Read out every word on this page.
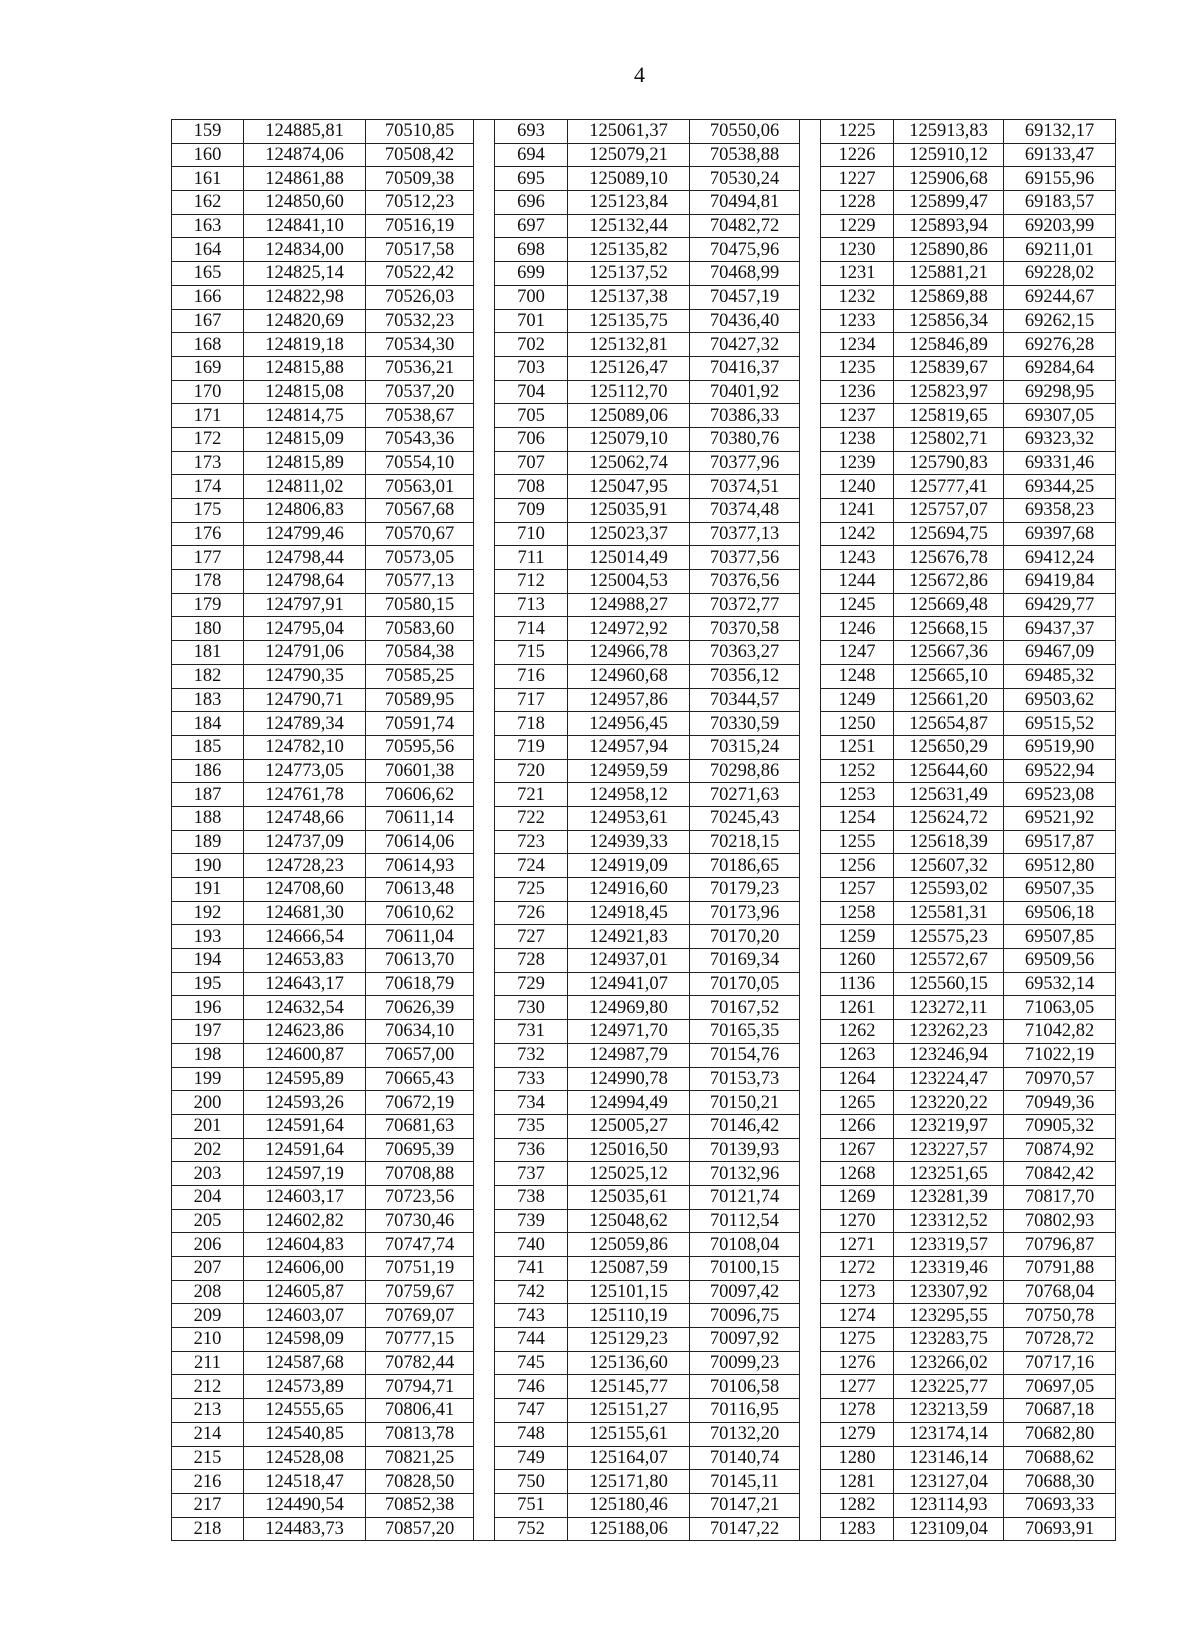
4
159	124885,81	70510,85		693	125061,37	70550,06		1225	125913,83	69132,17
160	124874,06	70508,42		694	125079,21	70538,88		1226	125910,12	69133,47
161	124861,88	70509,38		695	125089,10	70530,24		1227	125906,68	69155,96
162	124850,60	70512,23		696	125123,84	70494,81		1228	125899,47	69183,57
163	124841,10	70516,19		697	125132,44	70482,72		1229	125893,94	69203,99
164	124834,00	70517,58		698	125135,82	70475,96		1230	125890,86	69211,01
165	124825,14	70522,42		699	125137,52	70468,99		1231	125881,21	69228,02
166	124822,98	70526,03		700	125137,38	70457,19		1232	125869,88	69244,67
167	124820,69	70532,23		701	125135,75	70436,40		1233	125856,34	69262,15
168	124819,18	70534,30		702	125132,81	70427,32		1234	125846,89	69276,28
169	124815,88	70536,21		703	125126,47	70416,37		1235	125839,67	69284,64
170	124815,08	70537,20		704	125112,70	70401,92		1236	125823,97	69298,95
171	124814,75	70538,67		705	125089,06	70386,33		1237	125819,65	69307,05
172	124815,09	70543,36		706	125079,10	70380,76		1238	125802,71	69323,32
173	124815,89	70554,10		707	125062,74	70377,96		1239	125790,83	69331,46
174	124811,02	70563,01		708	125047,95	70374,51		1240	125777,41	69344,25
175	124806,83	70567,68		709	125035,91	70374,48		1241	125757,07	69358,23
176	124799,46	70570,67		710	125023,37	70377,13		1242	125694,75	69397,68
177	124798,44	70573,05		711	125014,49	70377,56		1243	125676,78	69412,24
178	124798,64	70577,13		712	125004,53	70376,56		1244	125672,86	69419,84
179	124797,91	70580,15		713	124988,27	70372,77		1245	125669,48	69429,77
180	124795,04	70583,60		714	124972,92	70370,58		1246	125668,15	69437,37
181	124791,06	70584,38		715	124966,78	70363,27		1247	125667,36	69467,09
182	124790,35	70585,25		716	124960,68	70356,12		1248	125665,10	69485,32
183	124790,71	70589,95		717	124957,86	70344,57		1249	125661,20	69503,62
184	124789,34	70591,74		718	124956,45	70330,59		1250	125654,87	69515,52
185	124782,10	70595,56		719	124957,94	70315,24		1251	125650,29	69519,90
186	124773,05	70601,38		720	124959,59	70298,86		1252	125644,60	69522,94
187	124761,78	70606,62		721	124958,12	70271,63		1253	125631,49	69523,08
188	124748,66	70611,14		722	124953,61	70245,43		1254	125624,72	69521,92
189	124737,09	70614,06		723	124939,33	70218,15		1255	125618,39	69517,87
190	124728,23	70614,93		724	124919,09	70186,65		1256	125607,32	69512,80
191	124708,60	70613,48		725	124916,60	70179,23		1257	125593,02	69507,35
192	124681,30	70610,62		726	124918,45	70173,96		1258	125581,31	69506,18
193	124666,54	70611,04		727	124921,83	70170,20		1259	125575,23	69507,85
194	124653,83	70613,70		728	124937,01	70169,34		1260	125572,67	69509,56
195	124643,17	70618,79		729	124941,07	70170,05		1136	125560,15	69532,14
196	124632,54	70626,39		730	124969,80	70167,52		1261	123272,11	71063,05
197	124623,86	70634,10		731	124971,70	70165,35		1262	123262,23	71042,82
198	124600,87	70657,00		732	124987,79	70154,76		1263	123246,94	71022,19
199	124595,89	70665,43		733	124990,78	70153,73		1264	123224,47	70970,57
200	124593,26	70672,19		734	124994,49	70150,21		1265	123220,22	70949,36
201	124591,64	70681,63		735	125005,27	70146,42		1266	123219,97	70905,32
202	124591,64	70695,39		736	125016,50	70139,93		1267	123227,57	70874,92
203	124597,19	70708,88		737	125025,12	70132,96		1268	123251,65	70842,42
204	124603,17	70723,56		738	125035,61	70121,74		1269	123281,39	70817,70
205	124602,82	70730,46		739	125048,62	70112,54		1270	123312,52	70802,93
206	124604,83	70747,74		740	125059,86	70108,04		1271	123319,57	70796,87
207	124606,00	70751,19		741	125087,59	70100,15		1272	123319,46	70791,88
208	124605,87	70759,67		742	125101,15	70097,42		1273	123307,92	70768,04
209	124603,07	70769,07		743	125110,19	70096,75		1274	123295,55	70750,78
210	124598,09	70777,15		744	125129,23	70097,92		1275	123283,75	70728,72
211	124587,68	70782,44		745	125136,60	70099,23		1276	123266,02	70717,16
212	124573,89	70794,71		746	125145,77	70106,58		1277	123225,77	70697,05
213	124555,65	70806,41		747	125151,27	70116,95		1278	123213,59	70687,18
214	124540,85	70813,78		748	125155,61	70132,20		1279	123174,14	70682,80
215	124528,08	70821,25		749	125164,07	70140,74		1280	123146,14	70688,62
216	124518,47	70828,50		750	125171,80	70145,11		1281	123127,04	70688,30
217	124490,54	70852,38		751	125180,46	70147,21		1282	123114,93	70693,33
218	124483,73	70857,20		752	125188,06	70147,22		1283	123109,04	70693,91
